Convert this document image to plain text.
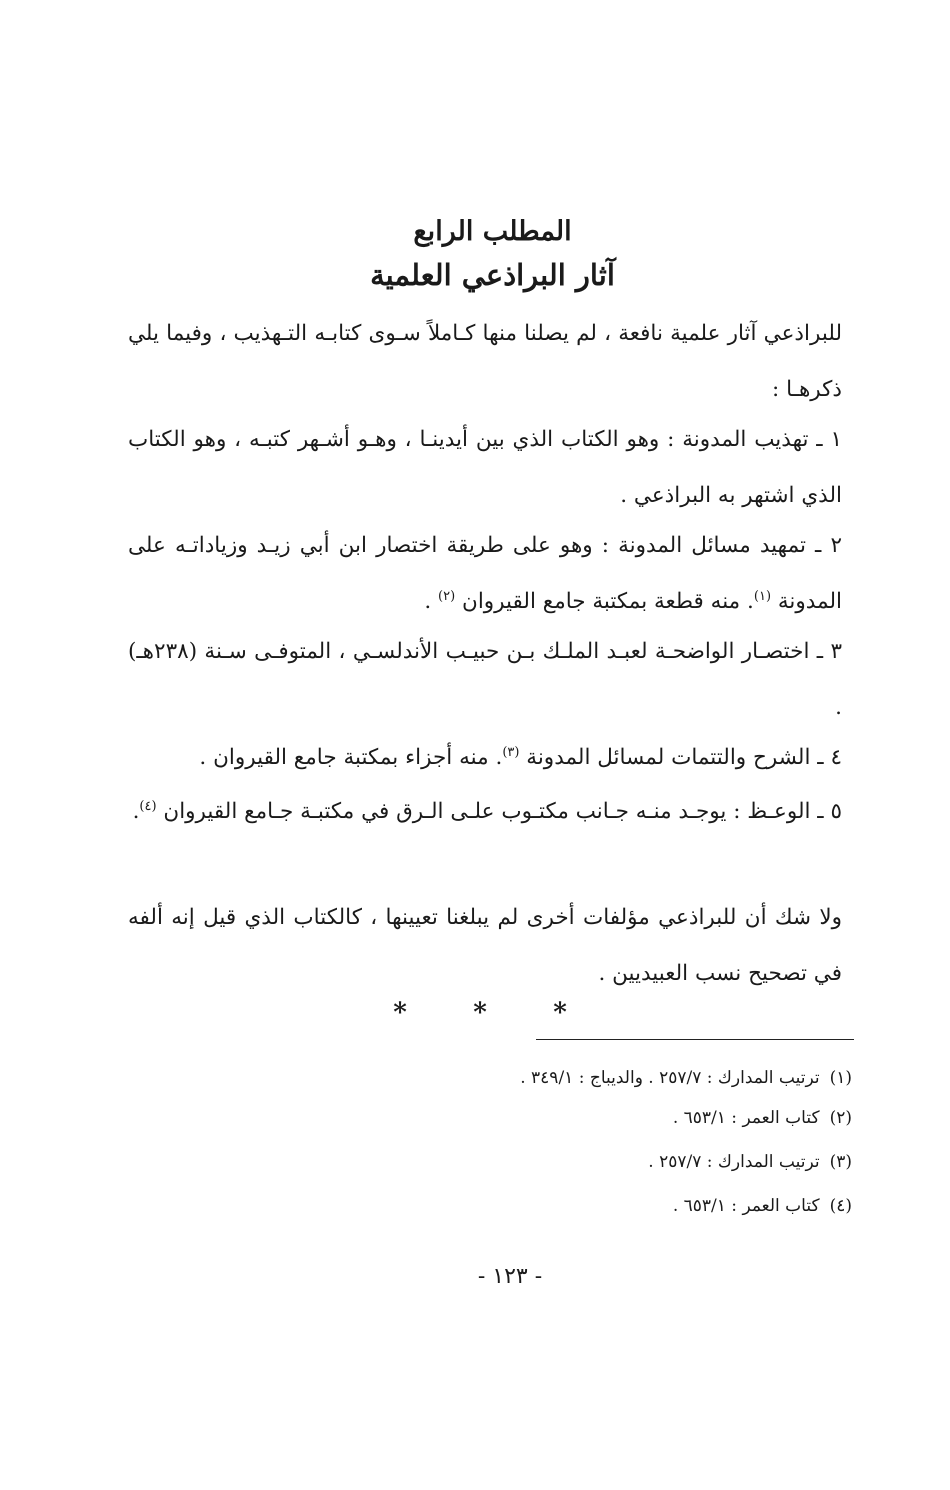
المطلب الرابع
آثار البراذعي العلمية
للبراذعي آثار علمية نافعة ، لم يصلنا منها كـاملاً سـوى كتابـه التـهذيب ، وفيما يلي ذكرهـا :
١ ـ تهذيب المدونة : وهو الكتاب الذي بين أيدينـا ، وهـو أشـهر كتبـه ، وهو الكتاب الذي اشتهر به البراذعي .
٢ ـ تمهيد مسائل المدونة : وهو على طريقة اختصار ابن أبي زيـد وزياداتـه على المدونة $^{(١)}$. منه قطعة بمكتبة جامع القيروان $^{(٢)}$ .
٣ ـ اختصـار الواضحـة لعبـد الملـك بـن حبيـب الأندلسـي ، المتوفـى سـنة (٢٣٨هـ) .
٤ ـ الشرح والتتمات لمسائل المدونة $^{(٣)}$. منه أجزاء بمكتبة جامع القيروان .
٥ ـ الوعـظ : يوجـد منـه جـانب مكتـوب علـى الـرق في مكتبـة جـامع القيروان $^{(٤)}$.
ولا شك أن للبراذعي مؤلفات أخرى لم يبلغنا تعيينها ، كالكتاب الذي قيل إنه ألفه في تصحيح نسب العبيديين .
*	*	*
(١)ترتيب المدارك : ٢٥٧/٧ . والديباج : ٣٤٩/١ .
(٢)كتاب العمر : ٦٥٣/١ .
(٣)ترتيب المدارك : ٢٥٧/٧ .
(٤)كتاب العمر : ٦٥٣/١ .
- ١٢٣ -
